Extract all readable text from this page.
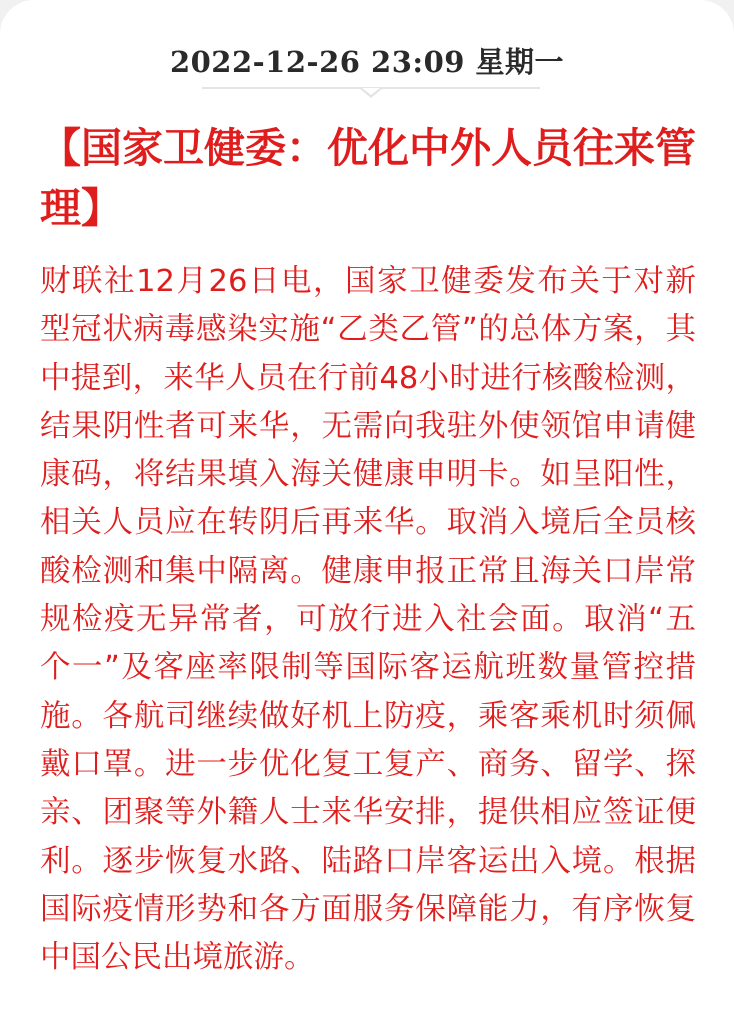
2022-12-26 23:09 星期一
【国家卫健委：优化中外人员往来管理】

财联社12月26日电，国家卫健委发布关于对新型冠状病毒感染实施“乙类乙管”的总体方案，其中提到，来华人员在行前48小时进行核酸检测，结果阴性者可来华，无需向我驻外使领馆申请健康码，将结果填入海关健康申明卡。如呈阳性，相关人员应在转阴后再来华。取消入境后全员核酸检测和集中隔离。健康申报正常且海关口岸常规检疫无异常者，可放行进入社会面。取消“五个一”及客座率限制等国际客运航班数量管控措施。各航司继续做好机上防疫，乘客乘机时须佩戴口罩。进一步优化复工复产、商务、留学、探亲、团聚等外籍人士来华安排，提供相应签证便利。逐步恢复水路、陆路口岸客运出入境。根据国际疫情形势和各方面服务保障能力，有序恢复中国公民出境旅游。
